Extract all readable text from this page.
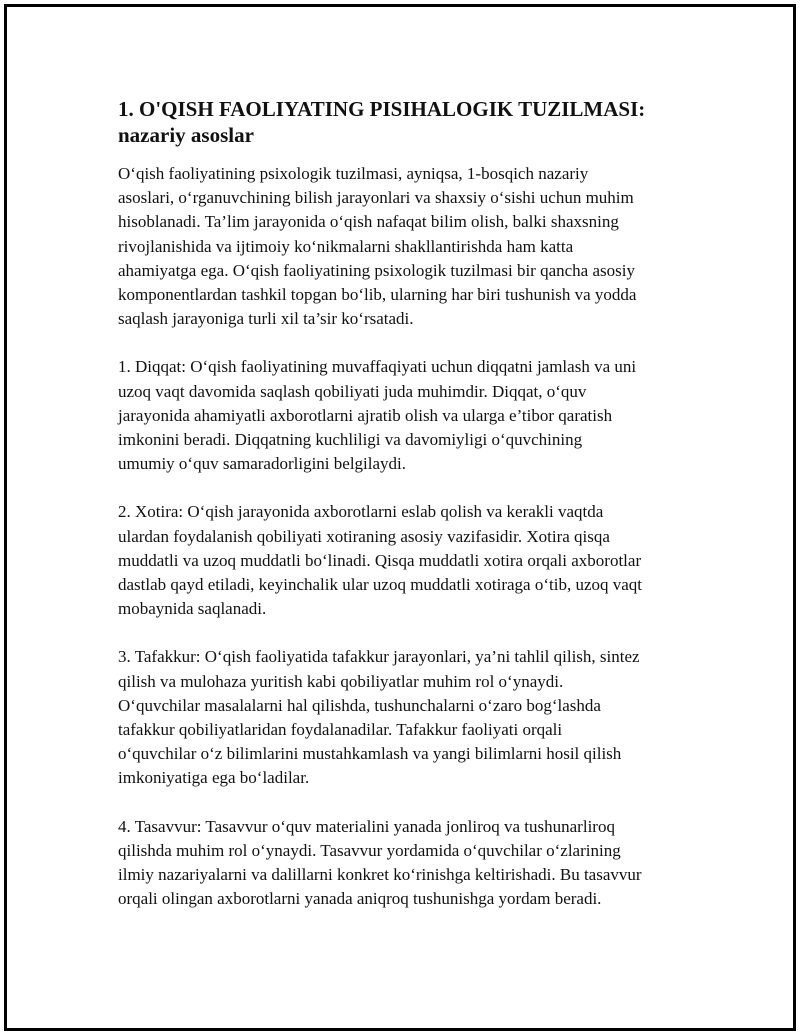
1. O'QISH FAOLIYATING PISIHALOGIK TUZILMASI:
nazariy asoslar

O‘qish faoliyatining psixologik tuzilmasi, ayniqsa, 1-bosqich nazariy
asoslari, o‘rganuvchining bilish jarayonlari va shaxsiy o‘sishi uchun muhim
hisoblanadi. Ta’lim jarayonida o‘qish nafaqat bilim olish, balki shaxsning
rivojlanishida va ijtimoiy ko‘nikmalarni shakllantirishda ham katta
ahamiyatga ega. O‘qish faoliyatining psixologik tuzilmasi bir qancha asosiy
komponentlardan tashkil topgan bo‘lib, ularning har biri tushunish va yodda
saqlash jarayoniga turli xil ta’sir ko‘rsatadi.

1. Diqqat: O‘qish faoliyatining muvaffaqiyati uchun diqqatni jamlash va uni
uzoq vaqt davomida saqlash qobiliyati juda muhimdir. Diqqat, o‘quv
jarayonida ahamiyatli axborotlarni ajratib olish va ularga e’tibor qaratish
imkonini beradi. Diqqatning kuchliligi va davomiyligi o‘quvchining
umumiy o‘quv samaradorligini belgilaydi.

2. Xotira: O‘qish jarayonida axborotlarni eslab qolish va kerakli vaqtda
ulardan foydalanish qobiliyati xotiraning asosiy vazifasidir. Xotira qisqa
muddatli va uzoq muddatli bo‘linadi. Qisqa muddatli xotira orqali axborotlar
dastlab qayd etiladi, keyinchalik ular uzoq muddatli xotiraga o‘tib, uzoq vaqt
mobaynida saqlanadi.

3. Tafakkur: O‘qish faoliyatida tafakkur jarayonlari, ya’ni tahlil qilish, sintez
qilish va mulohaza yuritish kabi qobiliyatlar muhim rol o‘ynaydi.
O‘quvchilar masalalarni hal qilishda, tushunchalarni o‘zaro bog‘lashda
tafakkur qobiliyatlaridan foydalanadilar. Tafakkur faoliyati orqali
o‘quvchilar o‘z bilimlarini mustahkamlash va yangi bilimlarni hosil qilish
imkoniyatiga ega bo‘ladilar.

4. Tasavvur: Tasavvur o‘quv materialini yanada jonliroq va tushunarliroq
qilishda muhim rol o‘ynaydi. Tasavvur yordamida o‘quvchilar o‘zlarining
ilmiy nazariyalarni va dalillarni konkret ko‘rinishga keltirishadi. Bu tasavvur
orqali olingan axborotlarni yanada aniqroq tushunishga yordam beradi.
